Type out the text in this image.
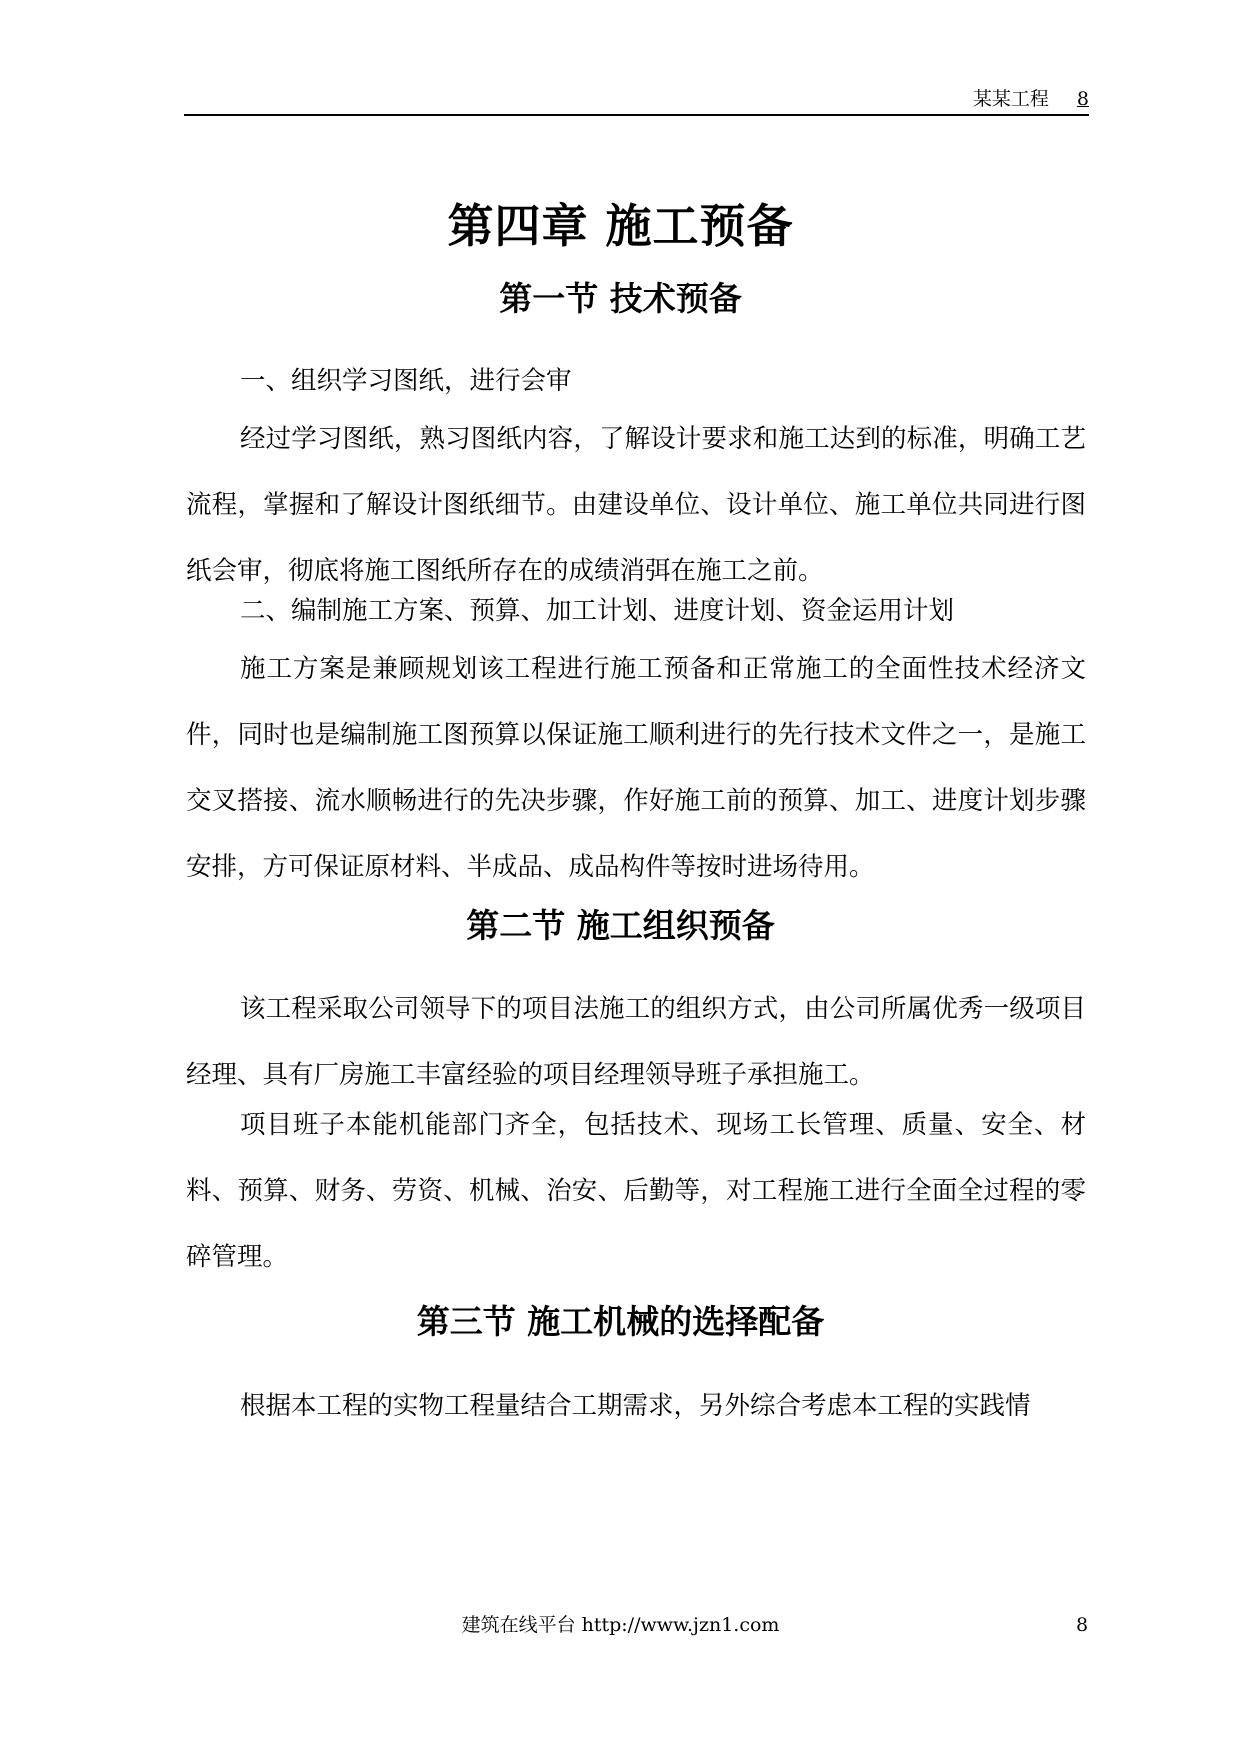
某某工程 8
第四章 施工预备
第一节 技术预备

一、组织学习图纸，进行会审

经过学习图纸，熟习图纸内容，了解设计要求和施工达到的标准，明确工艺流程，掌握和了解设计图纸细节。由建设单位、设计单位、施工单位共同进行图纸会审，彻底将施工图纸所存在的成绩消弭在施工之前。

二、编制施工方案、预算、加工计划、进度计划、资金运用计划

施工方案是兼顾规划该工程进行施工预备和正常施工的全面性技术经济文件，同时也是编制施工图预算以保证施工顺利进行的先行技术文件之一，是施工交叉搭接、流水顺畅进行的先决步骤，作好施工前的预算、加工、进度计划步骤安排，方可保证原材料、半成品、成品构件等按时进场待用。

第二节 施工组织预备

该工程采取公司领导下的项目法施工的组织方式，由公司所属优秀一级项目经理、具有厂房施工丰富经验的项目经理领导班子承担施工。

项目班子本能机能部门齐全，包括技术、现场工长管理、质量、安全、材料、预算、财务、劳资、机械、治安、后勤等，对工程施工进行全面全过程的零碎管理。

第三节 施工机械的选择配备

根据本工程的实物工程量结合工期需求，另外综合考虑本工程的实践情

建筑在线平台 http://www.jzn1.com	8
